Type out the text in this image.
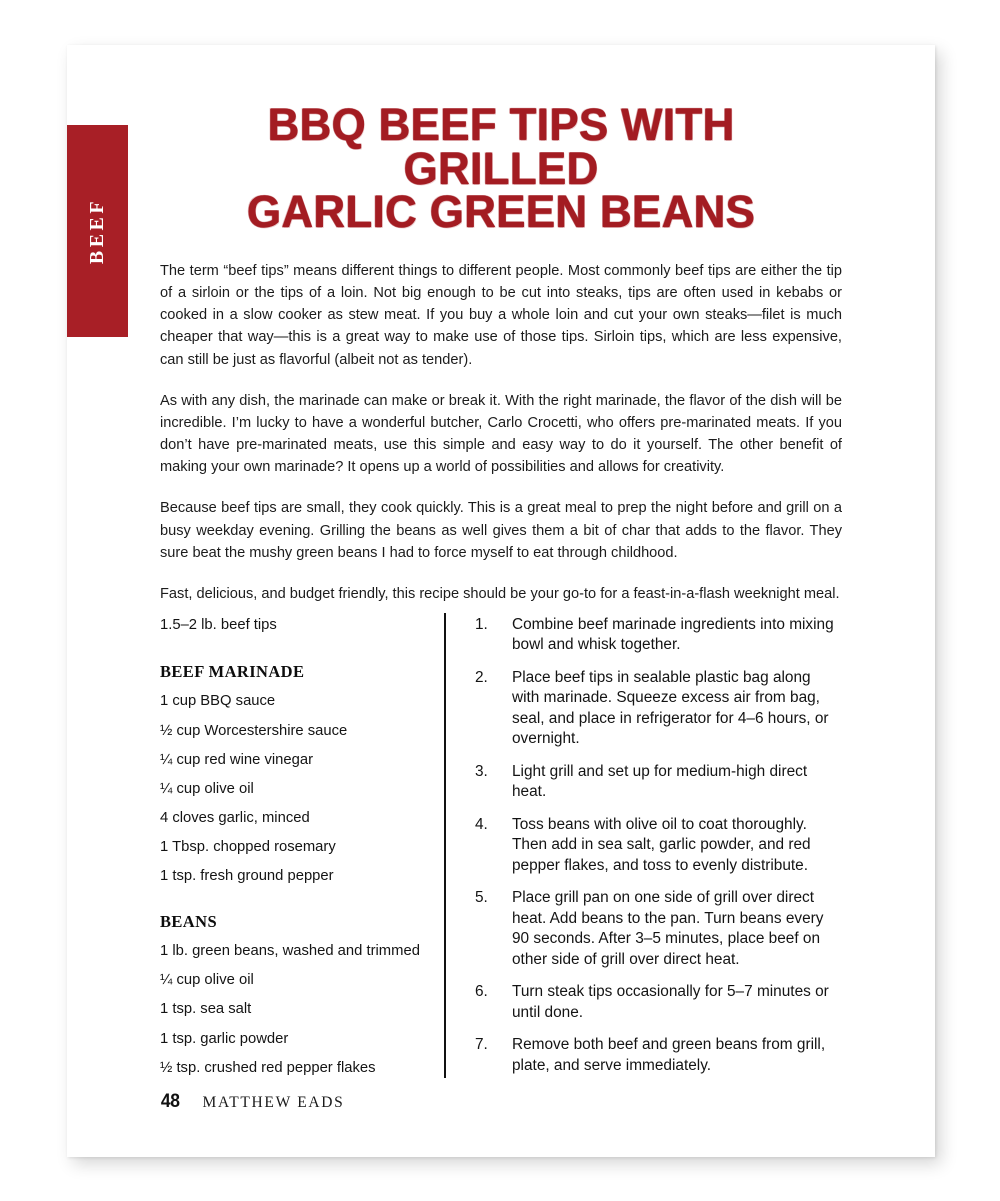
BEEF
BBQ BEEF TIPS WITH GRILLED
GARLIC GREEN BEANS

The term “beef tips” means different things to different people. Most commonly beef tips are either the tip of a sirloin or the tips of a loin. Not big enough to be cut into steaks, tips are often used in kebabs or cooked in a slow cooker as stew meat. If you buy a whole loin and cut your own steaks—filet is much cheaper that way—this is a great way to make use of those tips. Sirloin tips, which are less expensive, can still be just as flavorful (albeit not as tender).

As with any dish, the marinade can make or break it. With the right marinade, the flavor of the dish will be incredible. I’m lucky to have a wonderful butcher, Carlo Crocetti, who offers pre-marinated meats. If you don’t have pre-marinated meats, use this simple and easy way to do it yourself. The other benefit of making your own marinade? It opens up a world of possibilities and allows for creativity.

Because beef tips are small, they cook quickly. This is a great meal to prep the night before and grill on a busy weekday evening. Grilling the beans as well gives them a bit of char that adds to the flavor. They sure beat the mushy green beans I had to force myself to eat through childhood.

Fast, delicious, and budget friendly, this recipe should be your go-to for a feast-in-a-flash weeknight meal.

1.5–2 lb. beef tips
BEEF MARINADE
1 cup BBQ sauce
½ cup Worcestershire sauce
¼ cup red wine vinegar
¼ cup olive oil
4 cloves garlic, minced
1 Tbsp. chopped rosemary
1 tsp. fresh ground pepper
BEANS
1 lb. green beans, washed and trimmed
¼ cup olive oil
1 tsp. sea salt
1 tsp. garlic powder
½ tsp. crushed red pepper flakes
1.	Combine beef marinade ingredients into mixing bowl and whisk together.
2.	Place beef tips in sealable plastic bag along with marinade. Squeeze excess air from bag, seal, and place in refrigerator for 4–6 hours, or overnight.
3.	Light grill and set up for medium-high direct heat.
4.	Toss beans with olive oil to coat thoroughly. Then add in sea salt, garlic powder, and red pepper flakes, and toss to evenly distribute.
5.	Place grill pan on one side of grill over direct heat. Add beans to the pan. Turn beans every 90 seconds. After 3–5 minutes, place beef on other side of grill over direct heat.
6.	Turn steak tips occasionally for 5–7 minutes or until done.
7.	Remove both beef and green beans from grill, plate, and serve immediately.
48 MATTHEW EADS
